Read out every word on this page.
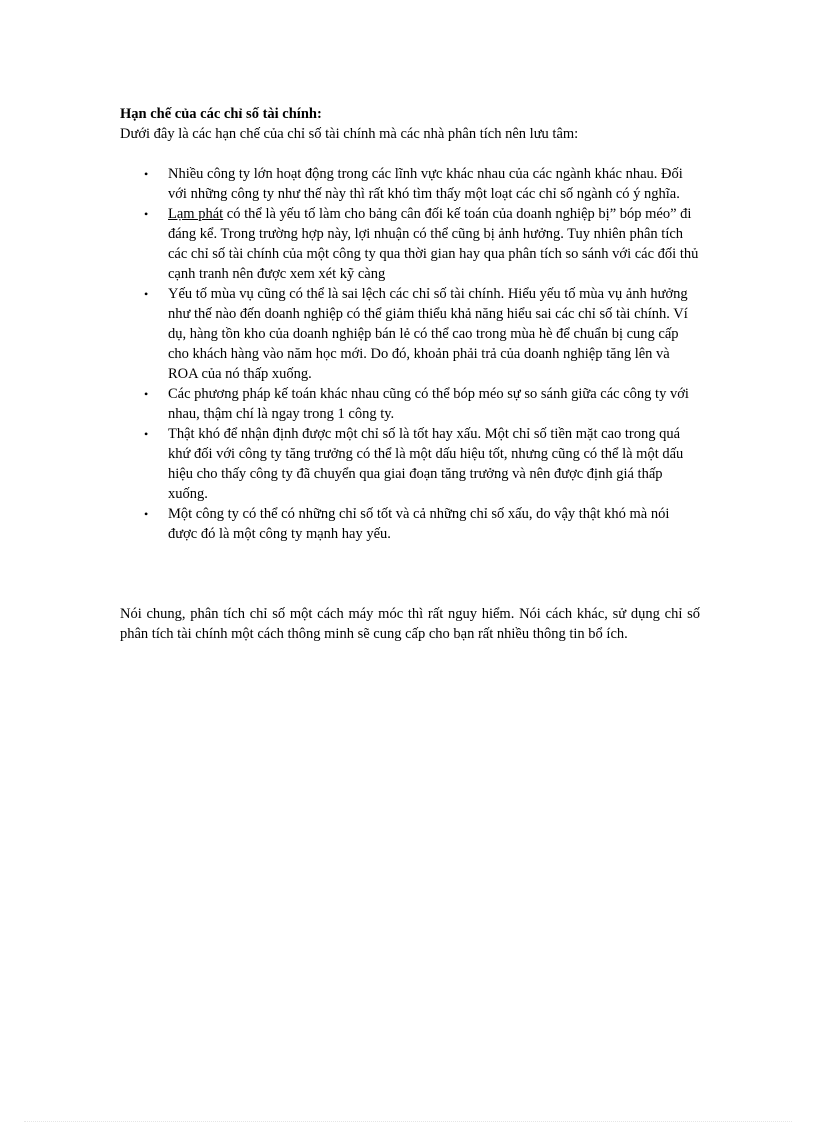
Hạn chế của các chỉ số tài chính:

Dưới đây là các hạn chế của chỉ số tài chính mà các nhà phân tích nên lưu tâm:

• Nhiều công ty lớn hoạt động trong các lĩnh vực khác nhau của các ngành khác nhau. Đối với những công ty như thế này thì rất khó tìm thấy một loạt các chỉ số ngành có ý nghĩa.
• Lạm phát có thể là yếu tố làm cho bảng cân đối kế toán của doanh nghiệp bị” bóp méo” đi đáng kể. Trong trường hợp này, lợi nhuận có thể cũng bị ảnh hưởng. Tuy nhiên phân tích các chỉ số tài chính của một công ty qua thời gian hay qua phân tích so sánh với các đối thủ cạnh tranh nên được xem xét kỹ càng
• Yếu tố mùa vụ cũng có thể là sai lệch các chỉ số tài chính. Hiểu yếu tố mùa vụ ảnh hưởng như thế nào đến doanh nghiệp có thể giảm thiểu khả năng hiểu sai các chỉ số tài chính. Ví dụ, hàng tồn kho của doanh nghiệp bán lẻ có thể cao trong mùa hè để chuẩn bị cung cấp cho khách hàng vào năm học mới. Do đó, khoản phải trả của doanh nghiệp tăng lên và ROA của nó thấp xuống.
• Các phương pháp kế toán khác nhau cũng có thể bóp méo sự so sánh giữa các công ty với nhau, thậm chí là ngay trong 1 công ty.
• Thật khó để nhận định được một chỉ số là tốt hay xấu. Một chỉ số tiền mặt cao trong quá khứ đối với công ty tăng trưởng có thể là một dấu hiệu tốt, nhưng cũng có thể là một dấu hiệu cho thấy công ty đã chuyển qua giai đoạn tăng trưởng và nên được định giá thấp xuống.
• Một công ty có thể có những chỉ số tốt và cả những chỉ số xấu, do vậy thật khó mà nói được đó là một công ty mạnh hay yếu.

Nói chung, phân tích chỉ số một cách máy móc thì rất nguy hiểm. Nói cách khác, sử dụng chỉ số phân tích tài chính một cách thông minh sẽ cung cấp cho bạn rất nhiều thông tin bổ ích.
